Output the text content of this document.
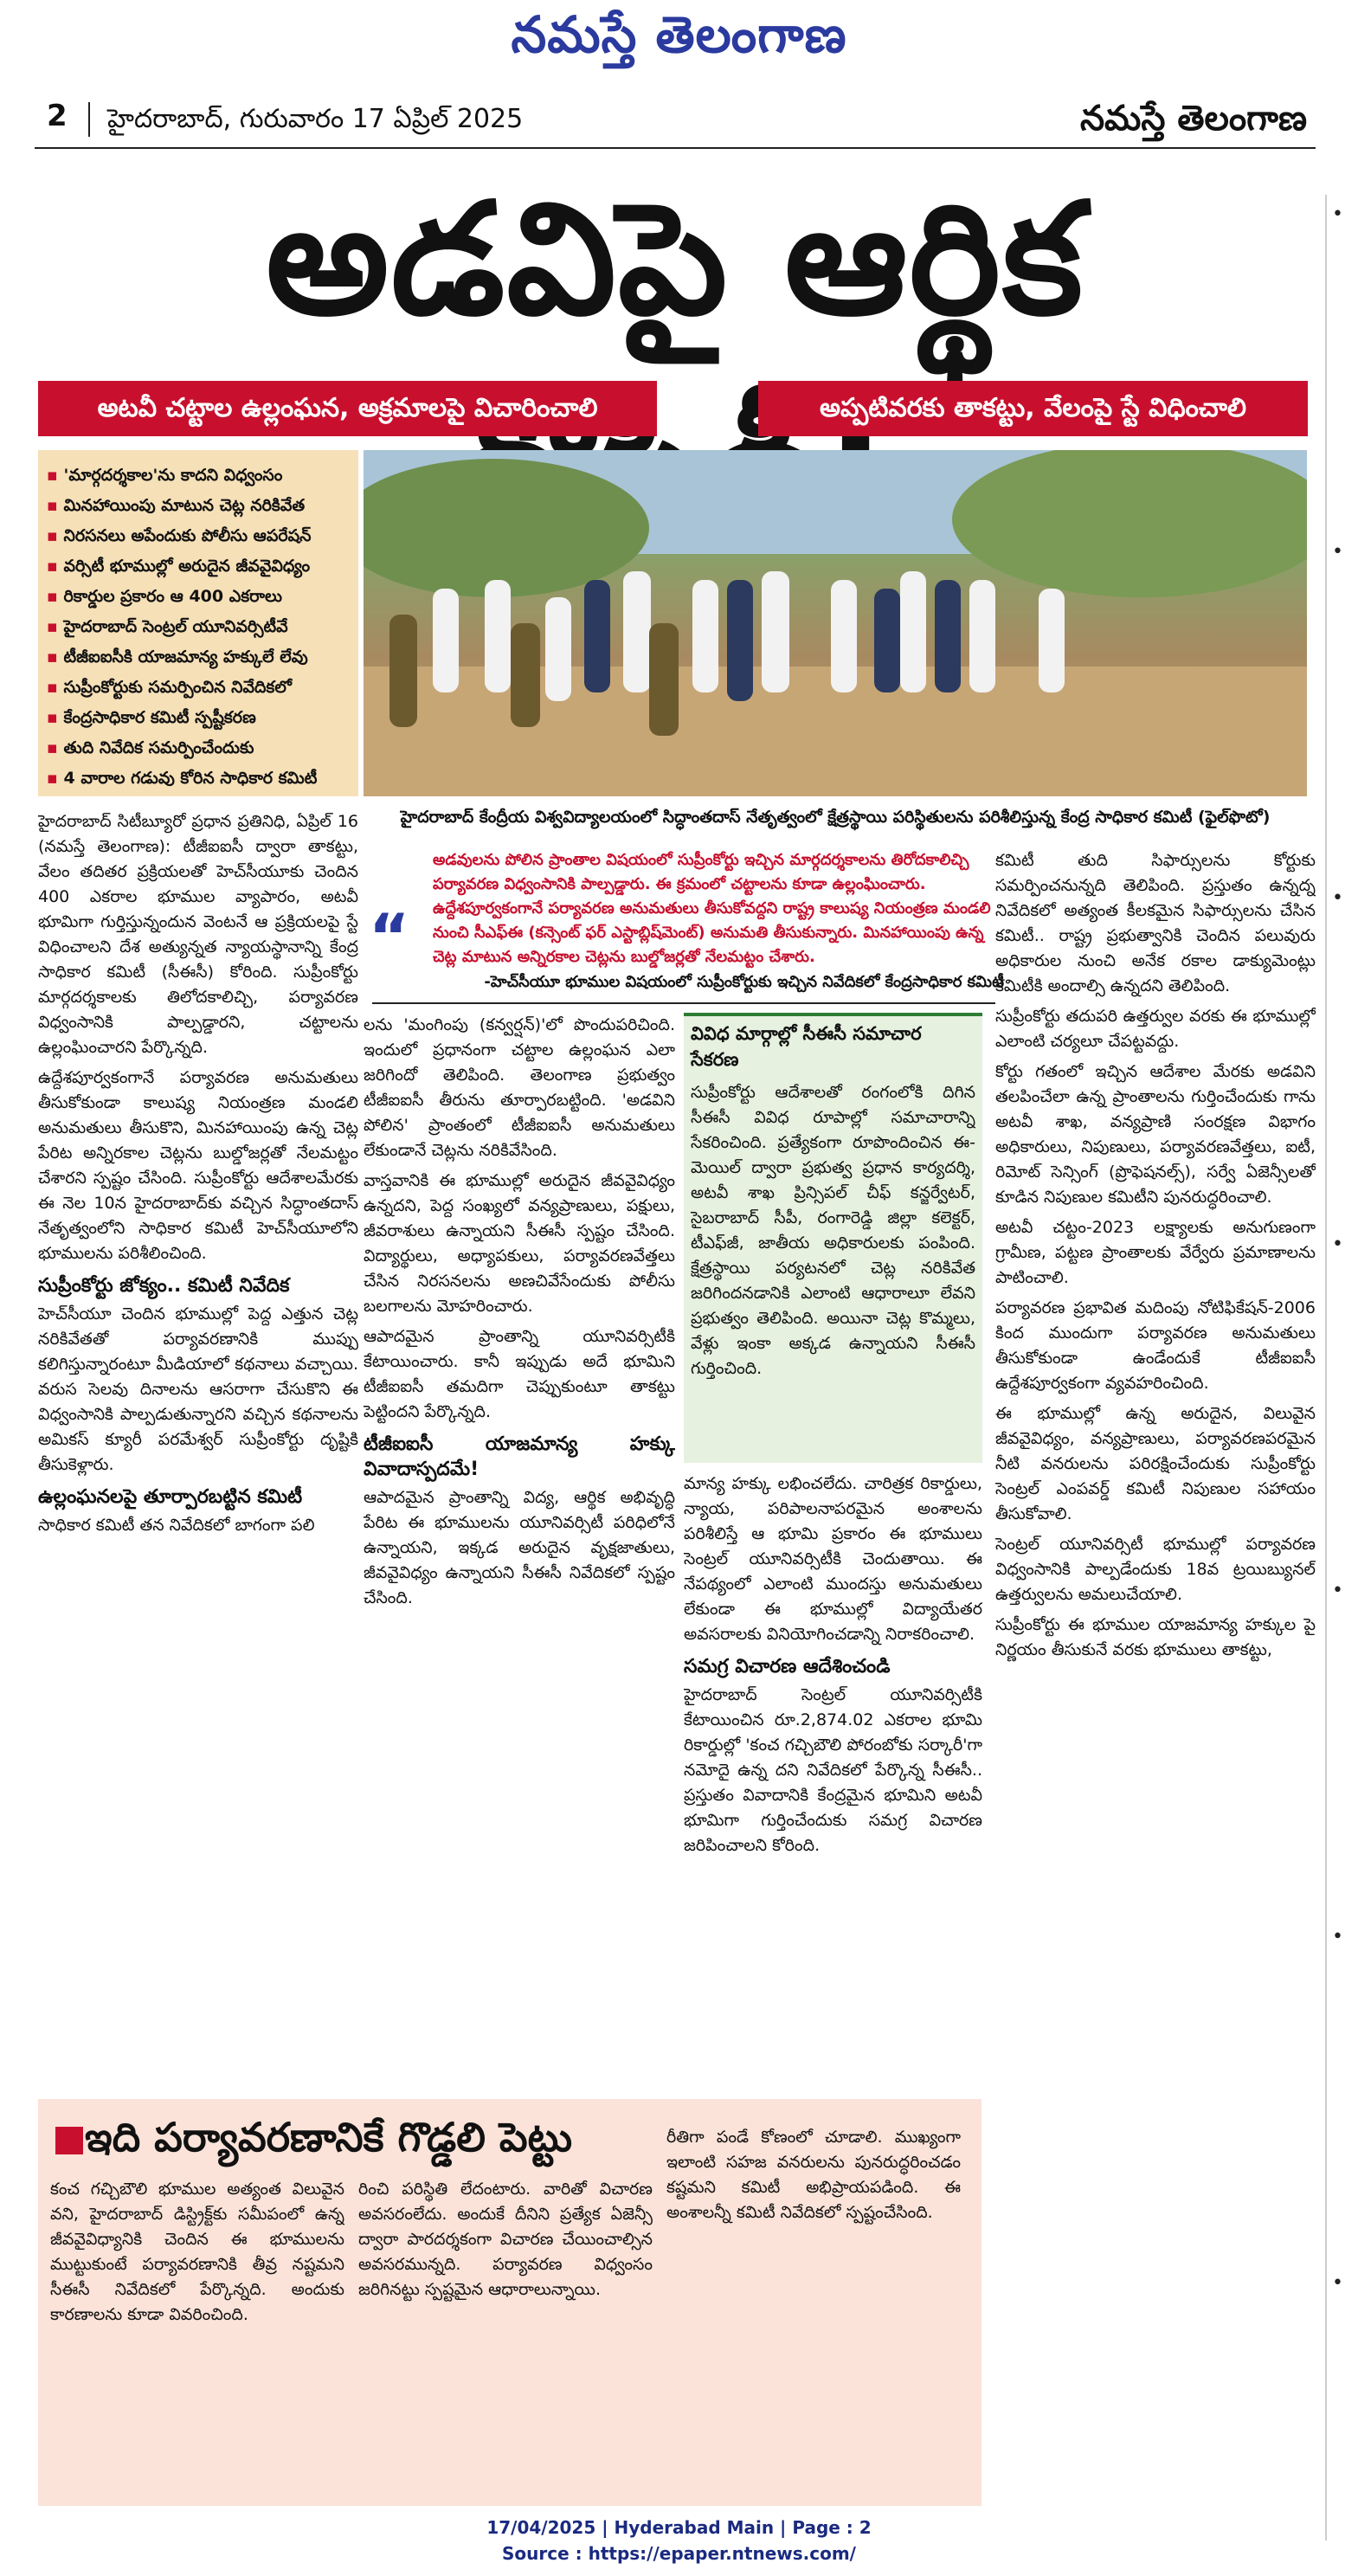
నమస్తే తెలంగాణ
2 హైదరాబాద్, గురువారం 17 ఏప్రిల్ 2025	నమస్తే తెలంగాణ
అడవిపై ఆర్థిక
అటవీ చట్టాల ఉల్లంఘన, అక్రమాలపై విచారించాలి	అప్పటివరకు తాకట్టు, వేలంపై స్టే విధించాలి
▪ 'మార్గదర్శకాల'ను కాదని విధ్వంసం
▪ మినహాయింపు మాటున చెట్ల నరికివేత
▪ నిరసనలు అపేందుకు పోలీసు ఆపరేషన్
▪ వర్సిటీ భూముల్లో అరుదైన జీవవైవిధ్యం
▪ రికార్డుల ప్రకారం ఆ 400 ఎకరాలు
▪ హైదరాబాద్ సెంట్రల్ యూనివర్సిటీవే
▪ టీజీఐఐసీకి యాజమాన్య హక్కులే లేవు
▪ సుప్రీంకోర్టుకు సమర్పించిన నివేదికలో
▪ కేంద్రసాధికార కమిటీ స్పష్టీకరణ
▪ తుది నివేదిక సమర్పించేందుకు
▪ 4 వారాల గడువు కోరిన సాధికార కమిటీ
హైదరాబాద్ కేంద్రీయ విశ్వవిద్యాలయంలో సిద్ధాంతదాస్ నేతృత్వంలో క్షేత్రస్థాయి పరిస్థితులను పరిశీలిస్తున్న కేంద్ర సాధికార కమిటీ (ఫైల్‌ఫొటో)
“
అడవులను పోలిన ప్రాంతాల విషయంలో సుప్రీంకోర్టు ఇచ్చిన మార్గదర్శకాలను తిరోదకాలిచ్చి పర్యావరణ విధ్వంసానికి పాల్పడ్డారు. ఈ క్రమంలో చట్టాలను కూడా ఉల్లంఘించారు. ఉద్దేశపూర్వకంగానే పర్యావరణ అనుమతులు తీసుకోవద్దని రాష్ట్ర కాలుష్య నియంత్రణ మండలి నుంచి సీఎఫ్‌ఈ (కన్సెంట్ ఫర్ ఎస్టాబ్లిష్‌మెంట్) అనుమతి తీసుకున్నారు. మినహాయింపు ఉన్న చెట్ల మాటున అన్నిరకాల చెట్లను బుల్డోజర్లతో నేలమట్టం చేశారు.
-హెచ్‌సీయూ భూముల విషయంలో సుప్రీంకోర్టుకు ఇచ్చిన నివేదికలో కేంద్రసాధికార కమిటీ

హైదరాబాద్ సిటీబ్యూరో ప్రధాన ప్రతినిధి, ఏప్రిల్ 16 (నమస్తే తెలంగాణ): టీజీఐఐసీ ద్వారా తాకట్టు, వేలం తదితర ప్రక్రియలతో హెచ్‌సీయూకు చెందిన 400 ఎకరాల భూముల వ్యాపారం, అటవీ భూమిగా గుర్తిస్తున్నందున వెంటనే ఆ ప్రక్రియలపై స్టే విధించాలని దేశ అత్యున్నత న్యాయస్థానాన్ని కేంద్ర సాధికార కమిటీ (సీఈసీ) కోరింది. సుప్రీంకోర్టు మార్గదర్శకాలకు తిలోదకాలిచ్చి, పర్యావరణ విధ్వంసానికి పాల్పడ్డారని, చట్టాలను ఉల్లంఘించారని పేర్కొన్నది.

ఉద్దేశపూర్వకంగానే పర్యావరణ అనుమతులు తీసుకోకుండా కాలుష్య నియంత్రణ మండలి అనుమతులు తీసుకొని, మినహాయింపు ఉన్న చెట్ల పేరిట అన్నిరకాల చెట్లను బుల్డోజర్లతో నేలమట్టం చేశారని స్పష్టం చేసింది. సుప్రీంకోర్టు ఆదేశాలమేరకు ఈ నెల 10న హైదరాబాద్‌కు వచ్చిన సిద్ధాంతదాస్ నేతృత్వంలోని సాధికార కమిటీ హెచ్‌సీయూలోని భూములను పరిశీలించింది.

సుప్రీంకోర్టు జోక్యం.. కమిటీ నివేదిక

హెచ్‌సీయూ చెందిన భూముల్లో పెద్ద ఎత్తున చెట్ల నరికివేతతో పర్యావరణానికి ముప్పు కలిగిస్తున్నారంటూ మీడియాలో కథనాలు వచ్చాయి. వరుస సెలవు దినాలను ఆసరాగా చేసుకొని ఈ విధ్వంసానికి పాల్పడుతున్నారని వచ్చిన కథనాలను అమికస్ క్యూరీ పరమేశ్వర్ సుప్రీంకోర్టు దృష్టికి తీసుకెళ్లారు.

ఉల్లంఘనలపై తూర్పారబట్టిన కమిటీ

సాధికార కమిటీ తన నివేదికలో బాగంగా పలి

లను 'మంగింపు (కన్వర్షన్)'లో పొందుపరిచింది. ఇందులో ప్రధానంగా చట్టాల ఉల్లంఘన ఎలా జరిగిందో తెలిపింది. తెలంగాణ ప్రభుత్వం టీజీఐఐసీ తీరును తూర్పారబట్టింది. 'అడవిని పోలిన' ప్రాంతంలో టీజీఐఐసీ అనుమతులు లేకుండానే చెట్లను నరికివేసింది.

వాస్తవానికి ఈ భూముల్లో అరుదైన జీవవైవిధ్యం ఉన్నదని, పెద్ద సంఖ్యలో వన్యప్రాణులు, పక్షులు, జీవరాశులు ఉన్నాయని సీఈసీ స్పష్టం చేసింది. విద్యార్థులు, అధ్యాపకులు, పర్యావరణవేత్తలు చేసిన నిరసనలను అణచివేసేందుకు పోలీసు బలగాలను మోహరించారు.

ఆపాదమైన ప్రాంతాన్ని యూనివర్సిటీకి కేటాయించారు. కానీ ఇప్పుడు అదే భూమిని టీజీఐఐసీ తమదిగా చెప్పుకుంటూ తాకట్టు పెట్టిందని పేర్కొన్నది.

టీజీఐఐసీ యాజమాన్య హక్కు వివాదాస్పదమే!

ఆపాదమైన ప్రాంతాన్ని విద్య, ఆర్థిక అభివృద్ధి పేరిట ఈ భూములను యూనివర్సిటీ పరిధిలోనే ఉన్నాయని, ఇక్కడ అరుదైన వృక్షజాతులు, జీవవైవిధ్యం ఉన్నాయని సీఈసీ నివేదికలో స్పష్టం చేసింది.

వివిధ మార్గాల్లో సీఈసీ సమాచార సేకరణ
సుప్రీంకోర్టు ఆదేశాలతో రంగంలోకి దిగిన సీఈసీ వివిధ రూపాల్లో సమాచారాన్ని సేకరించింది. ప్రత్యేకంగా రూపొందించిన ఈ-మెయిల్ ద్వారా ప్రభుత్వ ప్రధాన కార్యదర్శి, అటవీ శాఖ ప్రిన్సిపల్ చీఫ్ కన్జర్వేటర్, సైబరాబాద్ సీపీ, రంగారెడ్డి జిల్లా కలెక్టర్, టీఎఫ్‌జీ, జాతీయ అధికారులకు పంపింది. క్షేత్రస్థాయి పర్యటనలో చెట్ల నరికివేత జరిగిందనడానికి ఎలాంటి ఆధారాలూ లేవని ప్రభుత్వం తెలిపింది. అయినా చెట్ల కొమ్మలు, వేళ్లు ఇంకా అక్కడ ఉన్నాయని సీఈసీ గుర్తించింది.

మాన్య హక్కు లభించలేదు. చారిత్రక రికార్డులు, న్యాయ, పరిపాలనాపరమైన అంశాలను పరిశీలిస్తే ఆ భూమి ప్రకారం ఈ భూములు సెంట్రల్ యూనివర్సిటీకి చెందుతాయి. ఈ నేపథ్యంలో ఎలాంటి ముందస్తు అనుమతులు లేకుండా ఈ భూముల్లో విద్యాయేతర అవసరాలకు వినియోగించడాన్ని నిరాకరించాలి.

సమగ్ర విచారణ ఆదేశించండి

హైదరాబాద్ సెంట్రల్ యూనివర్సిటీకి కేటాయించిన రూ.2,874.02 ఎకరాల భూమి రికార్డుల్లో 'కంచ గచ్చిబౌలి పోరంబోకు సర్కారీ'గా నమోదై ఉన్న దని నివేదికలో పేర్కొన్న సీఈసీ.. ప్రస్తుతం వివాదానికి కేంద్రమైన భూమిని అటవీ భూమిగా గుర్తించేందుకు సమగ్ర విచారణ జరిపించాలని కోరింది.

కమిటీ తుది సిఫార్సులను కోర్టుకు సమర్పించనున్నది తెలిపింది. ప్రస్తుతం ఉన్నద్న నివేదికలో అత్యంత కీలకమైన సిఫార్సులను చేసిన కమిటీ.. రాష్ట్ర ప్రభుత్వానికి చెందిన పలువురు అధికారుల నుంచి అనేక రకాల డాక్యుమెంట్లు కమిటీకి అందాల్సి ఉన్నదని తెలిపింది.

సుప్రీంకోర్టు తదుపరి ఉత్తర్వుల వరకు ఈ భూముల్లో ఎలాంటి చర్యలూ చేపట్టవద్దు.

కోర్టు గతంలో ఇచ్చిన ఆదేశాల మేరకు అడవిని తలపించేలా ఉన్న ప్రాంతాలను గుర్తించేందుకు గాను అటవీ శాఖ, వన్యప్రాణి సంరక్షణ విభాగం అధికారులు, నిపుణులు, పర్యావరణవేత్తలు, ఐటీ, రిమోట్ సెన్సింగ్ (ప్రొఫెషనల్స్), సర్వే ఏజెన్సీలతో కూడిన నిపుణుల కమిటీని పునరుద్ధరించాలి.

అటవీ చట్టం-2023 లక్ష్యాలకు అనుగుణంగా గ్రామీణ, పట్టణ ప్రాంతాలకు వేర్వేరు ప్రమాణాలను పాటించాలి.

పర్యావరణ ప్రభావిత మదింపు నోటిఫికేషన్-2006 కింద ముందుగా పర్యావరణ అనుమతులు తీసుకోకుండా ఉండేందుకే టీజీఐఐసీ ఉద్దేశపూర్వకంగా వ్యవహరించింది.

ఈ భూముల్లో ఉన్న అరుదైన, విలువైన జీవవైవిధ్యం, వన్యప్రాణులు, పర్యావరణపరమైన నీటి వనరులను పరిరక్షించేందుకు సుప్రీంకోర్టు సెంట్రల్ ఎంపవర్డ్ కమిటీ నిపుణుల సహాయం తీసుకోవాలి.

సెంట్రల్ యూనివర్సిటీ భూముల్లో పర్యావరణ విధ్వంసానికి పాల్పడేందుకు 18వ ట్రయిబ్యునల్ ఉత్తర్వులను అమలుచేయాలి.

సుప్రీంకోర్టు ఈ భూముల యాజమాన్య హక్కుల పై నిర్ణయం తీసుకునే వరకు భూములు తాకట్టు,

ఇది పర్యావరణానికే గొడ్డలి పెట్టు
కంచ గచ్చిబౌలి భూముల అత్యంత విలువైన వని, హైదరాబాద్ డిస్ట్రిక్ట్‌కు సమీపంలో ఉన్న జీవవైవిధ్యానికి చెందిన ఈ భూములను ముట్టుకుంటే పర్యావరణానికి తీవ్ర నష్టమని సీఈసీ నివేదికలో పేర్కొన్నది. అందుకు కారణాలను కూడా వివరించింది.
రించి పరిస్థితి లేదంటారు. వారితో విచారణ అవసరంలేదు. అందుకే దీనిని ప్రత్యేక ఏజెన్సీ ద్వారా పారదర్శకంగా విచారణ చేయించాల్సిన అవసరమున్నది. పర్యావరణ విధ్వంసం జరిగినట్టు స్పష్టమైన ఆధారాలున్నాయి.
రీతిగా పండే కోణంలో చూడాలి. ముఖ్యంగా ఇలాంటి సహజ వనరులను పునరుద్ధరించడం కష్టమని కమిటీ అభిప్రాయపడింది. ఈ అంశాలన్నీ కమిటీ నివేదికలో స్పష్టంచేసింది.
•
•
•
•
•
•
•
17/04/2025 | Hyderabad Main | Page : 2
Source : https://epaper.ntnews.com/
